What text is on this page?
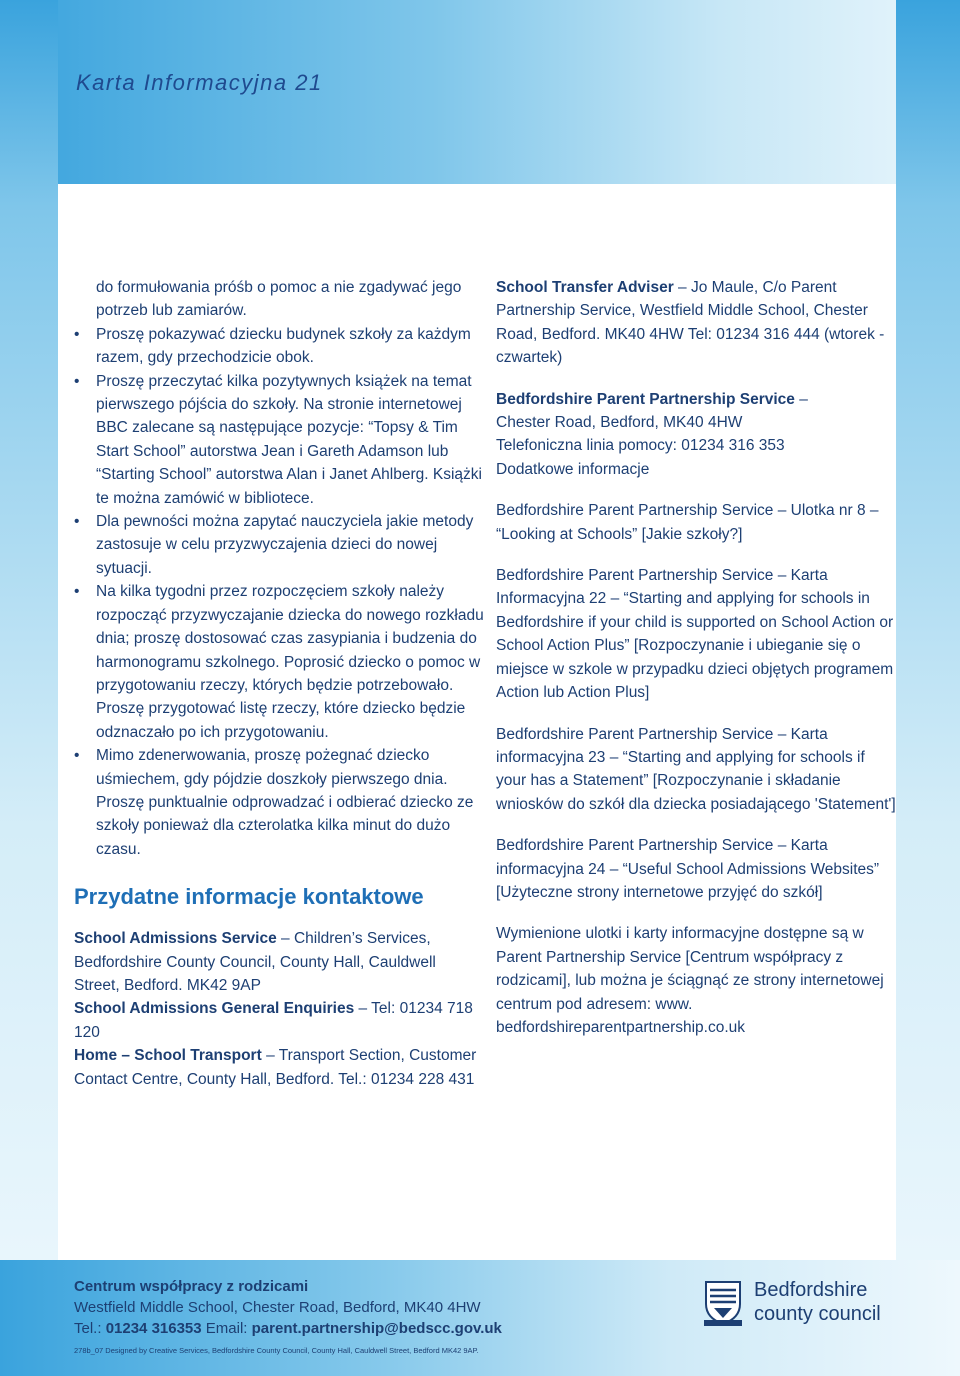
Karta Informacyjna 21

do formułowania próśb o pomoc a nie zgadywać jego potrzeb lub zamiarów.

• Proszę pokazywać dziecku budynek szkoły za każdym razem, gdy przechodzicie obok.
• Proszę przeczytać kilka pozytywnych książek na temat pierwszego pójścia do szkoły. Na stronie internetowej BBC zalecane są następujące pozycje: “Topsy & Tim Start School” autorstwa Jean i Gareth Adamson lub “Starting School” autorstwa Alan i Janet Ahlberg. Książki te można zamówić w bibliotece.
• Dla pewności można zapytać nauczyciela jakie metody zastosuje w celu przyzwyczajenia dzieci do nowej sytuacji.
• Na kilka tygodni przez rozpoczęciem szkoły należy rozpocząć przyzwyczajanie dziecka do nowego rozkładu dnia; proszę dostosować czas zasypiania i budzenia do harmonogramu szkolnego. Poprosić dziecko o pomoc w przygotowaniu rzeczy, których będzie potrzebowało. Proszę przygotować listę rzeczy, które dziecko będzie odznaczało po ich przygotowaniu.
• Mimo zdenerwowania, proszę pożegnać dziecko uśmiechem, gdy pójdzie doszkoły pierwszego dnia. Proszę punktualnie odprowadzać i odbierać dziecko ze szkoły ponieważ dla czterolatka kilka minut do dużo czasu.
Przydatne informacje kontaktowe

School Admissions Service – Children’s Services, Bedfordshire County Council, County Hall, Cauldwell Street, Bedford. MK42 9AP

School Admissions General Enquiries – Tel: 01234 718 120

Home – School Transport – Transport Section, Customer Contact Centre, County Hall, Bedford. Tel.: 01234 228 431

School Transfer Adviser – Jo Maule, C/o Parent Partnership Service, Westfield Middle School, Chester Road, Bedford. MK40 4HW Tel: 01234 316 444 (wtorek - czwartek)

Bedfordshire Parent Partnership Service –

Chester Road, Bedford, MK40 4HW

Telefoniczna linia pomocy: 01234 316 353

Dodatkowe informacje

Bedfordshire Parent Partnership Service – Ulotka nr 8 – “Looking at Schools” [Jakie szkoły?]

Bedfordshire Parent Partnership Service – Karta Informacyjna 22 – “Starting and applying for schools in Bedfordshire if your child is supported on School Action or School Action Plus” [Rozpoczynanie i ubieganie się o miejsce w szkole w przypadku dzieci objętych programem Action lub Action Plus]

Bedfordshire Parent Partnership Service – Karta informacyjna 23 – “Starting and applying for schools if your has a Statement” [Rozpoczynanie i składanie wniosków do szkół dla dziecka posiadającego 'Statement']

Bedfordshire Parent Partnership Service – Karta informacyjna 24 – “Useful School Admissions Websites” [Użyteczne strony internetowe przyjęć do szkół]

Wymienione ulotki i karty informacyjne dostępne są w Parent Partnership Service [Centrum współpracy z rodzicami], lub można je ściągnąć ze strony internetowej centrum pod adresem: www. bedfordshireparentpartnership.co.uk

Centrum współpracy z rodzicami
Westfield Middle School, Chester Road, Bedford, MK40 4HW
Tel.: 01234 316353 Email: parent.partnership@bedscc.gov.uk
278b_07 Designed by Creative Services, Bedfordshire County Council, County Hall, Cauldwell Street, Bedford MK42 9AP.
Bedfordshire
county council
